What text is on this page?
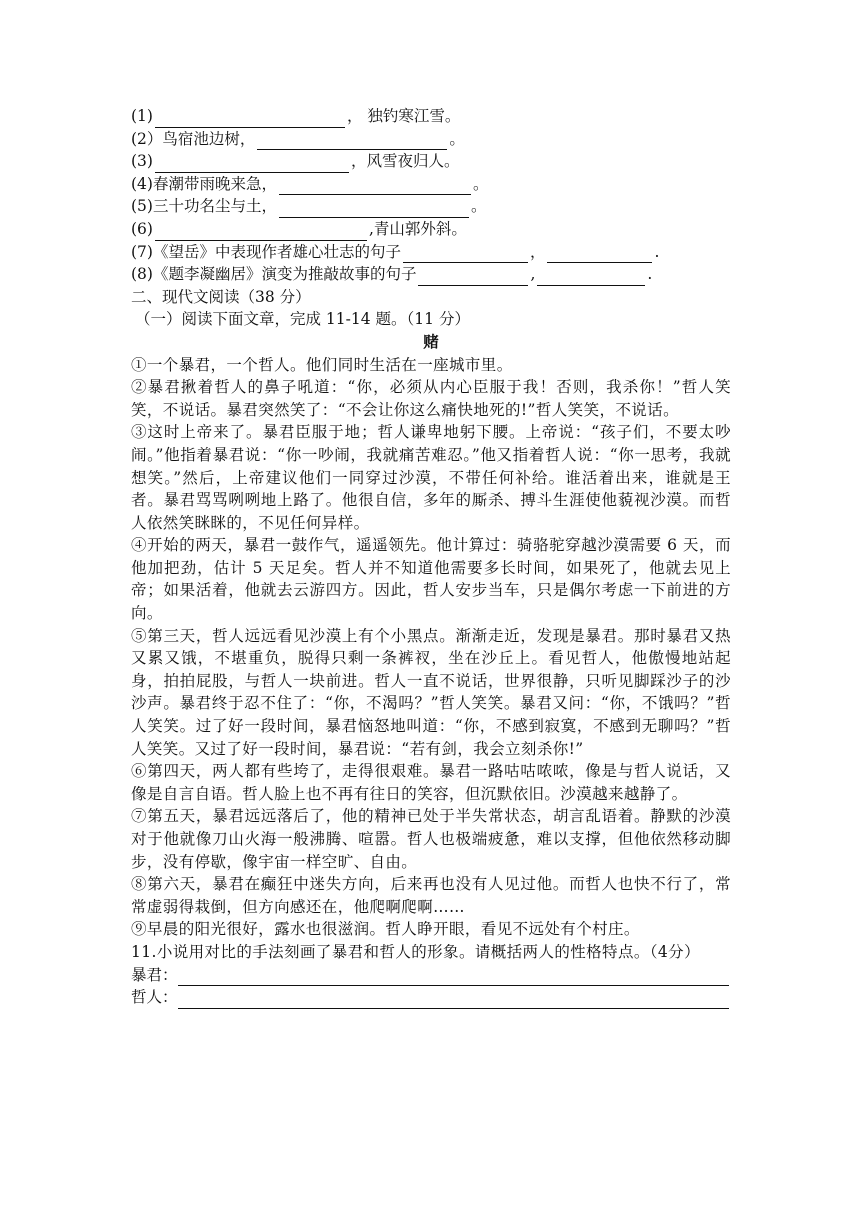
(1)	， 独钓寒江雪。
(2）鸟宿池边树，	。
(3)	，风雪夜归人。
(4)春潮带雨晚来急，	。
(5)三十功名尘与土，	。
(6)	,青山郭外斜。
(7)《望岳》中表现作者雄心壮志的句子	，	.
(8)《题李凝幽居》演变为推敲故事的句子	,	.
二、现代文阅读（38 分）
（一）阅读下面文章，完成 11-14 题。（11 分）
赌
①一个暴君，一个哲人。他们同时生活在一座城市里。
②暴君揪着哲人的鼻子吼道：“你，必须从内心臣服于我！否则，我杀你！”哲人笑笑，不说话。暴君突然笑了：“不会让你这么痛快地死的!”哲人笑笑，不说话。
③这时上帝来了。暴君臣服于地；哲人谦卑地躬下腰。上帝说：“孩子们，不要太吵闹。”他指着暴君说：“你一吵闹，我就痛苦难忍。”他又指着哲人说：“你一思考，我就想笑。”然后，上帝建议他们一同穿过沙漠，不带任何补给。谁活着出来，谁就是王者。暴君骂骂咧咧地上路了。他很自信，多年的厮杀、搏斗生涯使他藐视沙漠。而哲人依然笑眯眯的，不见任何异样。
④开始的两天，暴君一鼓作气，遥遥领先。他计算过：骑骆驼穿越沙漠需要 6 天，而他加把劲，估计 5 天足矣。哲人并不知道他需要多长时间，如果死了，他就去见上帝；如果活着，他就去云游四方。因此，哲人安步当车，只是偶尔考虑一下前进的方向。
⑤第三天，哲人远远看见沙漠上有个小黑点。渐渐走近，发现是暴君。那时暴君又热又累又饿，不堪重负，脱得只剩一条裤衩，坐在沙丘上。看见哲人，他傲慢地站起身，拍拍屁股，与哲人一块前进。哲人一直不说话，世界很静，只听见脚踩沙子的沙沙声。暴君终于忍不住了：“你，不渴吗？”哲人笑笑。暴君又问：“你，不饿吗？”哲人笑笑。过了好一段时间，暴君恼怒地叫道：“你，不感到寂寞，不感到无聊吗？”哲人笑笑。又过了好一段时间，暴君说：“若有剑，我会立刻杀你!”
⑥第四天，两人都有些垮了，走得很艰难。暴君一路咕咕哝哝，像是与哲人说话，又像是自言自语。哲人脸上也不再有往日的笑容，但沉默依旧。沙漠越来越静了。
⑦第五天，暴君远远落后了，他的精神已处于半失常状态，胡言乱语着。静默的沙漠对于他就像刀山火海一般沸腾、喧嚣。哲人也极端疲惫，难以支撑，但他依然移动脚步，没有停歇，像宇宙一样空旷、自由。
⑧第六天，暴君在癫狂中迷失方向，后来再也没有人见过他。而哲人也快不行了，常常虚弱得栽倒，但方向感还在，他爬啊爬啊……
⑨早晨的阳光很好，露水也很滋润。哲人睁开眼，看见不远处有个村庄。
11.小说用对比的手法刻画了暴君和哲人的形象。请概括两人的性格特点。（4分）
暴君：
哲人：
